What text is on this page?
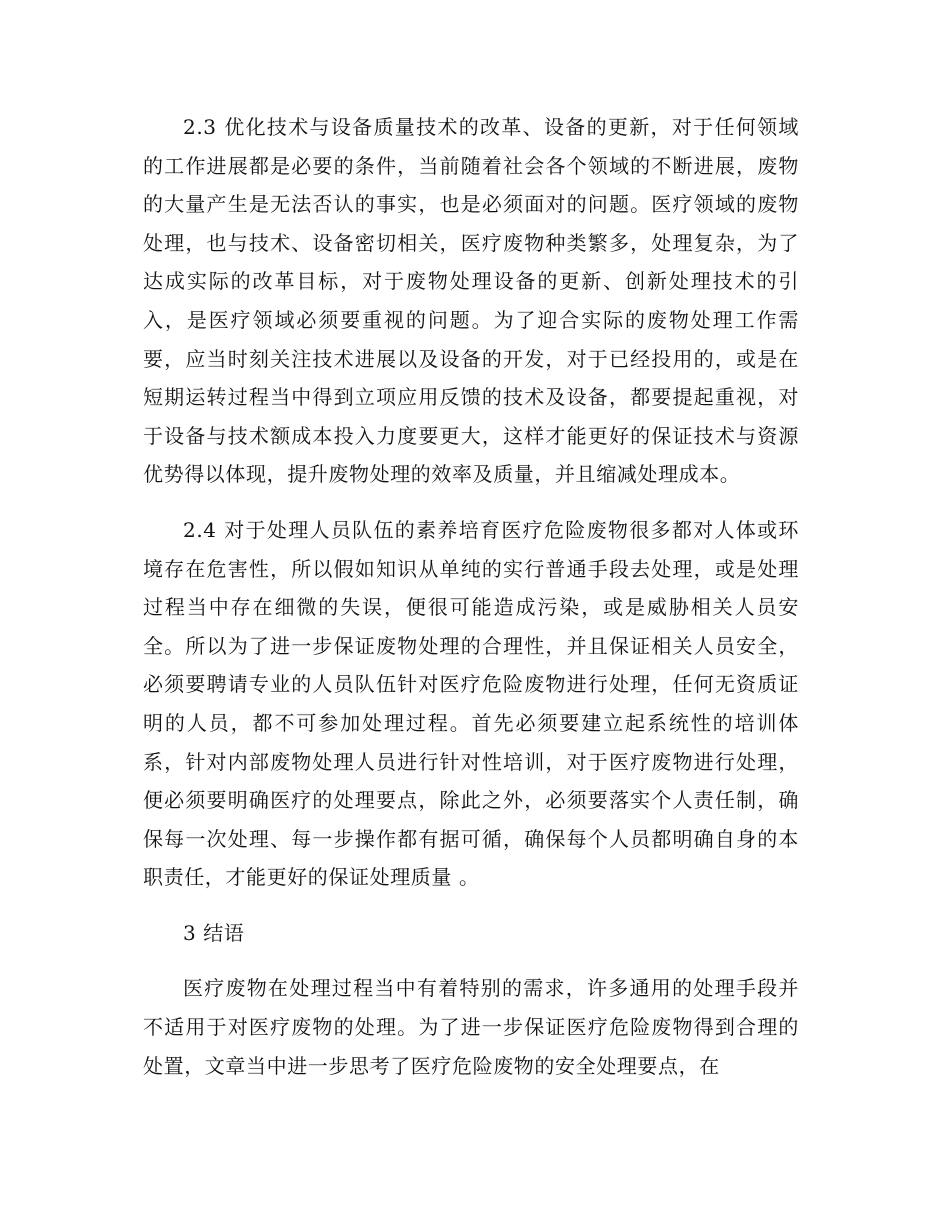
2.3 优化技术与设备质量技术的改革、设备的更新，对于任何领域的工作进展都是必要的条件，当前随着社会各个领域的不断进展，废物的大量产生是无法否认的事实，也是必须面对的问题。医疗领域的废物处理，也与技术、设备密切相关，医疗废物种类繁多，处理复杂，为了达成实际的改革目标，对于废物处理设备的更新、创新处理技术的引入，是医疗领域必须要重视的问题。为了迎合实际的废物处理工作需要，应当时刻关注技术进展以及设备的开发，对于已经投用的，或是在短期运转过程当中得到立项应用反馈的技术及设备，都要提起重视，对于设备与技术额成本投入力度要更大，这样才能更好的保证技术与资源优势得以体现，提升废物处理的效率及质量，并且缩减处理成本。

2.4 对于处理人员队伍的素养培育医疗危险废物很多都对人体或环境存在危害性，所以假如知识从单纯的实行普通手段去处理，或是处理过程当中存在细微的失误，便很可能造成污染，或是威胁相关人员安全。所以为了进一步保证废物处理的合理性，并且保证相关人员安全，必须要聘请专业的人员队伍针对医疗危险废物进行处理，任何无资质证明的人员，都不可参加处理过程。首先必须要建立起系统性的培训体系，针对内部废物处理人员进行针对性培训，对于医疗废物进行处理，便必须要明确医疗的处理要点，除此之外，必须要落实个人责任制，确保每一次处理、每一步操作都有据可循，确保每个人员都明确自身的本职责任，才能更好的保证处理质量 。

3 结语

医疗废物在处理过程当中有着特别的需求，许多通用的处理手段并不适用于对医疗废物的处理。为了进一步保证医疗危险废物得到合理的处置，文章当中进一步思考了医疗危险废物的安全处理要点，在
